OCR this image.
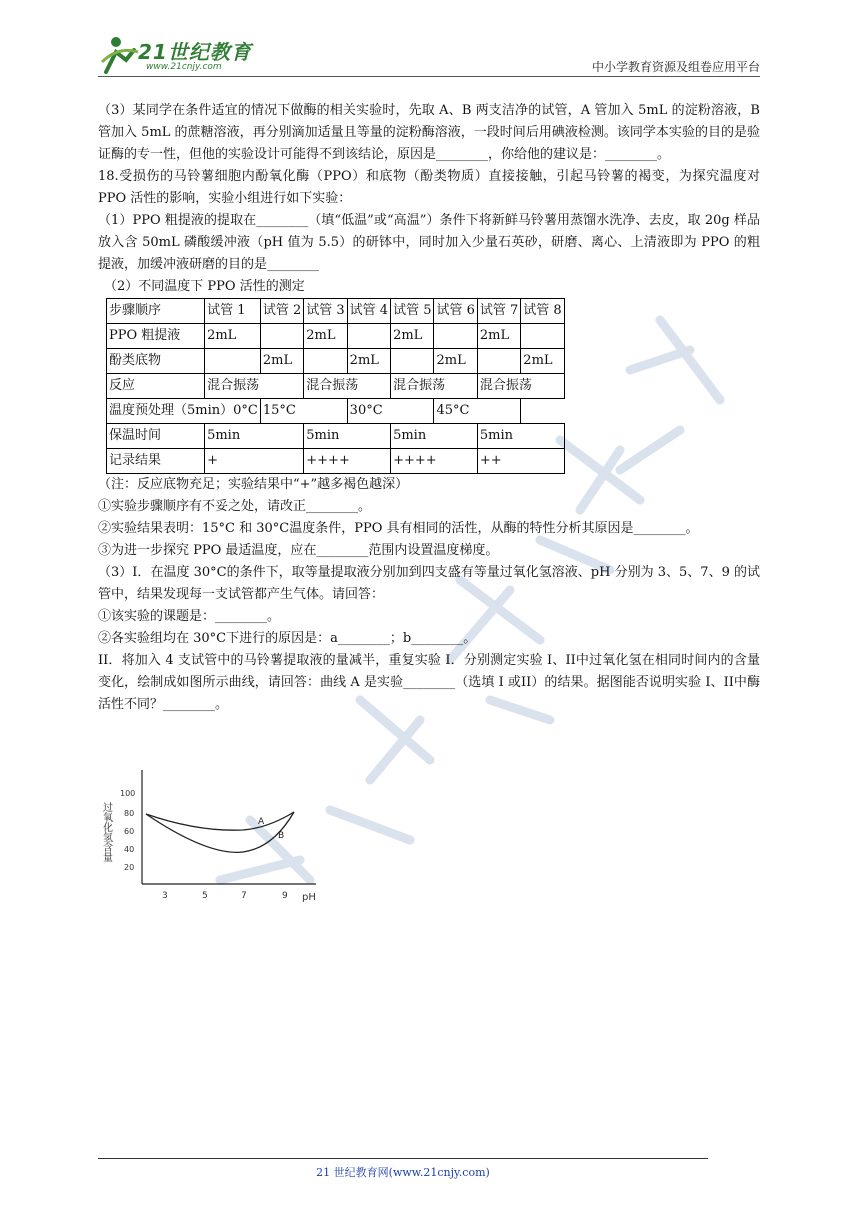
21世纪教育
www.21cnjy.com	中小学教育资源及组卷应用平台

（3）某同学在条件适宜的情况下做酶的相关实验时，先取 A、B 两支洁净的试管，A 管加入 5mL 的淀粉溶液，B 管加入 5mL 的蔗糖溶液，再分别滴加适量且等量的淀粉酶溶液，一段时间后用碘液检测。该同学本实验的目的是验证酶的专一性，但他的实验设计可能得不到该结论，原因是________，你给他的建议是：________。

18.受损伤的马铃薯细胞内酚氧化酶（PPO）和底物（酚类物质）直接接触，引起马铃薯的褐变，为探究温度对 PPO 活性的影响，实验小组进行如下实验：

（1）PPO 粗提液的提取在________（填“低温”或“高温”）条件下将新鲜马铃薯用蒸馏水洗净、去皮，取 20g 样品放入含 50mL 磷酸缓冲液（pH 值为 5.5）的研钵中，同时加入少量石英砂，研磨、离心、上清液即为 PPO 的粗提液，加缓冲液研磨的目的是________

（2）不同温度下 PPO 活性的测定

步骤顺序	试管 1	试管 2	试管 3	试管 4	试管 5	试管 6	试管 7	试管 8
PPO 粗提液	2mL		2mL		2mL		2mL	
酚类底物		2mL		2mL		2mL		2mL
反应	混合振荡		混合振荡		混合振荡		混合振荡	
温度预处理（5min）0°C		15°C		30°C		45°C		
保温时间	5min		5min		5min		5min	
记录结果	+		++++		++++		++	

（注：反应底物充足；实验结果中“+”越多褐色越深）

①实验步骤顺序有不妥之处，请改正________。

②实验结果表明：15°C 和 30°C温度条件，PPO 具有相同的活性，从酶的特性分析其原因是________。

③为进一步探究 PPO 最适温度，应在________范围内设置温度梯度。

（3）I．在温度 30°C的条件下，取等量提取液分别加到四支盛有等量过氧化氢溶液、pH 分别为 3、5、7、9 的试管中，结果发现每一支试管都产生气体。请回答：

①该实验的课题是：________。

②各实验组均在 30°C下进行的原因是：a________；b________。

II．将加入 4 支试管中的马铃薯提取液的量减半，重复实验 I．分别测定实验 I、II中过氧化氢在相同时间内的含量变化，绘制成如图所示曲线，请回答：曲线 A 是实验________（选填 I 或II）的结果。据图能否说明实验 I、II中酶活性不同？________。

过氧化氢含量
100
80
60
40
20
3	5	7	9 pH
A
B
21 世纪教育网(www.21cnjy.com)
